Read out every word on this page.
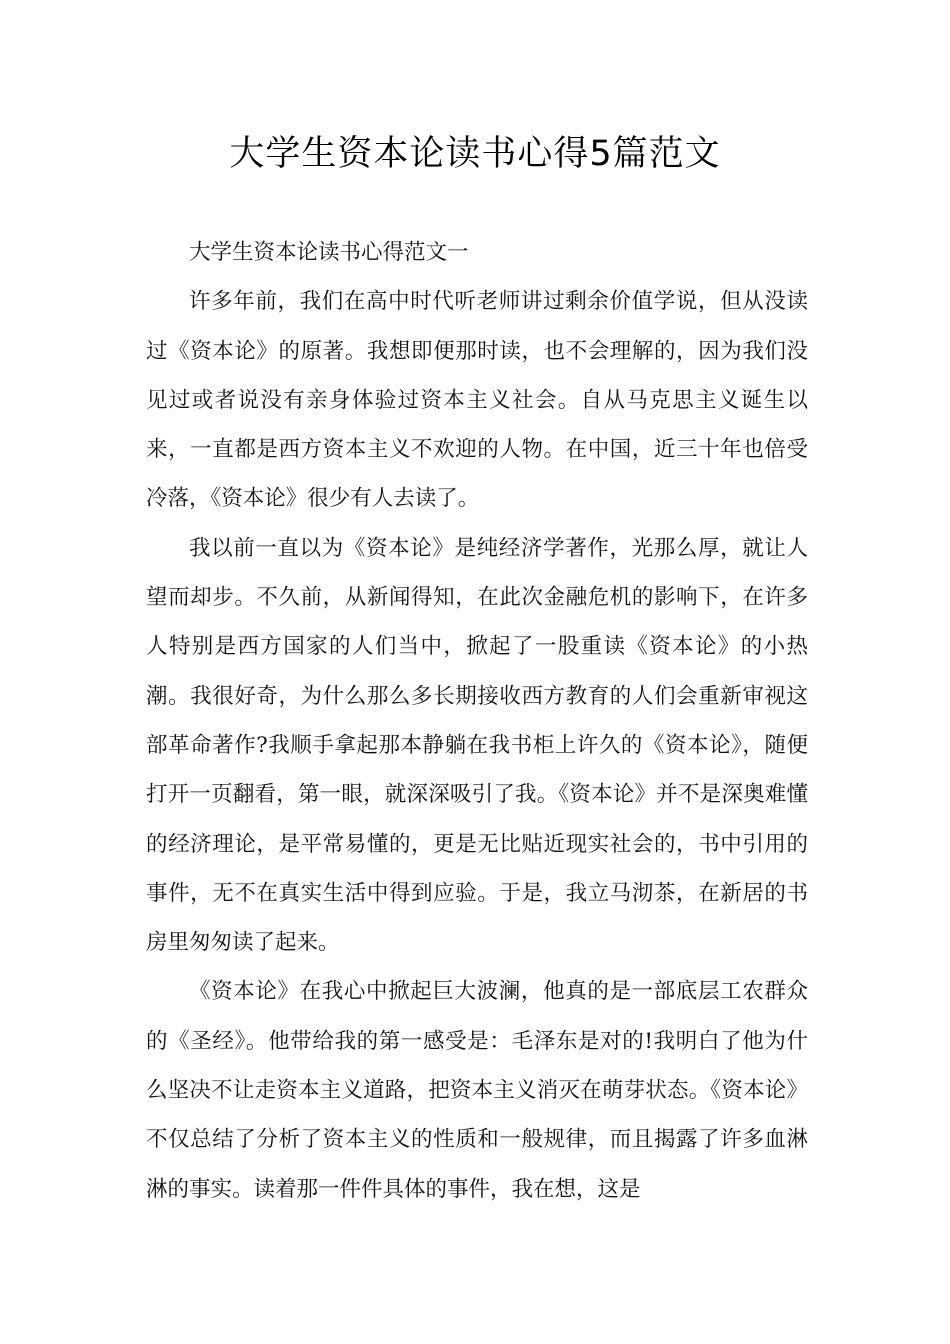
大学生资本论读书心得5篇范文

大学生资本论读书心得范文一

许多年前，我们在高中时代听老师讲过剩余价值学说，但从没读过《资本论》的原著。我想即便那时读，也不会理解的，因为我们没见过或者说没有亲身体验过资本主义社会。自从马克思主义诞生以来，一直都是西方资本主义不欢迎的人物。在中国，近三十年也倍受冷落，《资本论》很少有人去读了。

我以前一直以为《资本论》是纯经济学著作，光那么厚，就让人望而却步。不久前，从新闻得知，在此次金融危机的影响下，在许多人特别是西方国家的人们当中，掀起了一股重读《资本论》的小热潮。我很好奇，为什么那么多长期接收西方教育的人们会重新审视这部革命著作?我顺手拿起那本静躺在我书柜上许久的《资本论》，随便打开一页翻看，第一眼，就深深吸引了我。《资本论》并不是深奥难懂的经济理论，是平常易懂的，更是无比贴近现实社会的，书中引用的事件，无不在真实生活中得到应验。于是，我立马沏茶，在新居的书房里匆匆读了起来。

《资本论》在我心中掀起巨大波澜，他真的是一部底层工农群众的《圣经》。他带给我的第一感受是：毛泽东是对的!我明白了他为什么坚决不让走资本主义道路，把资本主义消灭在萌芽状态。《资本论》不仅总结了分析了资本主义的性质和一般规律，而且揭露了许多血淋淋的事实。读着那一件件具体的事件，我在想，这是
